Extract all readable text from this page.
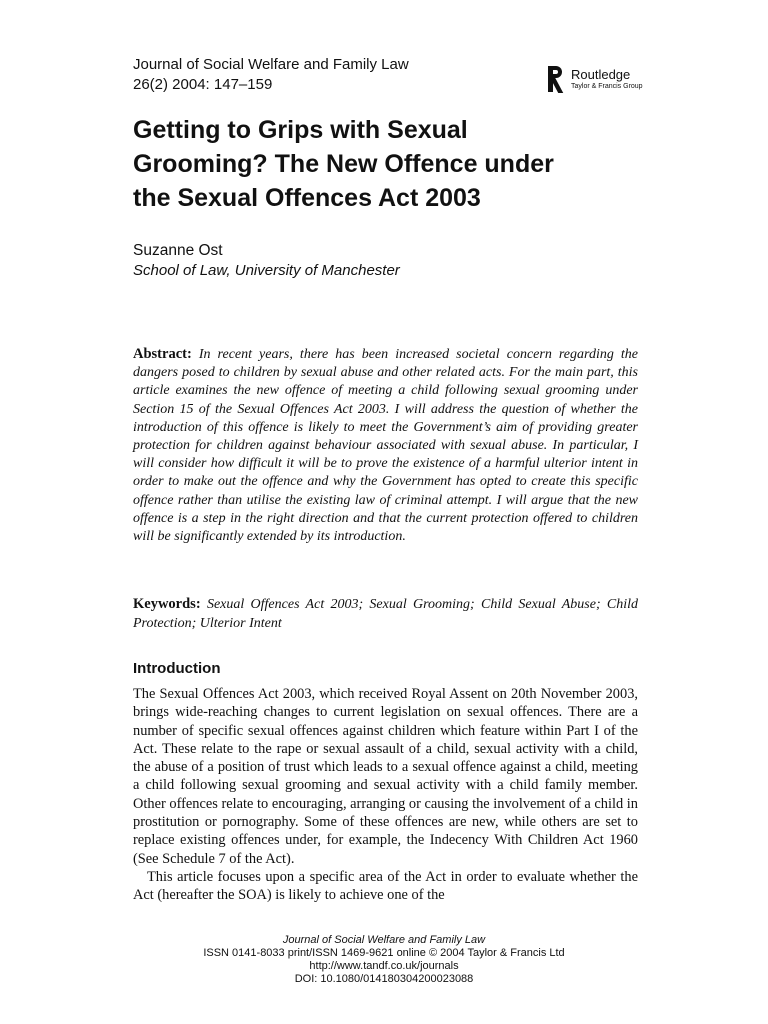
Journal of Social Welfare and Family Law
26(2) 2004: 147–159
Routledge
Taylor & Francis Group
Getting to Grips with Sexual
Grooming? The New Offence under
the Sexual Offences Act 2003
Suzanne Ost
School of Law, University of Manchester

Abstract: In recent years, there has been increased societal concern regarding the dangers posed to children by sexual abuse and other related acts. For the main part, this article examines the new offence of meeting a child following sexual grooming under Section 15 of the Sexual Offences Act 2003. I will address the question of whether the introduction of this offence is likely to meet the Government’s aim of providing greater protection for children against behaviour associated with sexual abuse. In particular, I will consider how difficult it will be to prove the existence of a harmful ulterior intent in order to make out the offence and why the Government has opted to create this specific offence rather than utilise the existing law of criminal attempt. I will argue that the new offence is a step in the right direction and that the current protection offered to children will be significantly extended by its introduction.

Keywords: Sexual Offences Act 2003; Sexual Grooming; Child Sexual Abuse; Child Protection; Ulterior Intent

Introduction

The Sexual Offences Act 2003, which received Royal Assent on 20th November 2003, brings wide-reaching changes to current legislation on sexual offences. There are a number of specific sexual offences against children which feature within Part I of the Act. These relate to the rape or sexual assault of a child, sexual activity with a child, the abuse of a position of trust which leads to a sexual offence against a child, meeting a child following sexual grooming and sexual activity with a child family member. Other offences relate to encouraging, arranging or causing the involvement of a child in prostitution or pornography. Some of these offences are new, while others are set to replace existing offences under, for example, the Indecency With Children Act 1960 (See Schedule 7 of the Act).

This article focuses upon a specific area of the Act in order to evaluate whether the Act (hereafter the SOA) is likely to achieve one of the

Journal of Social Welfare and Family Law
ISSN 0141-8033 print/ISSN 1469-9621 online © 2004 Taylor & Francis Ltd
http://www.tandf.co.uk/journals
DOI: 10.1080/014180304200023088
